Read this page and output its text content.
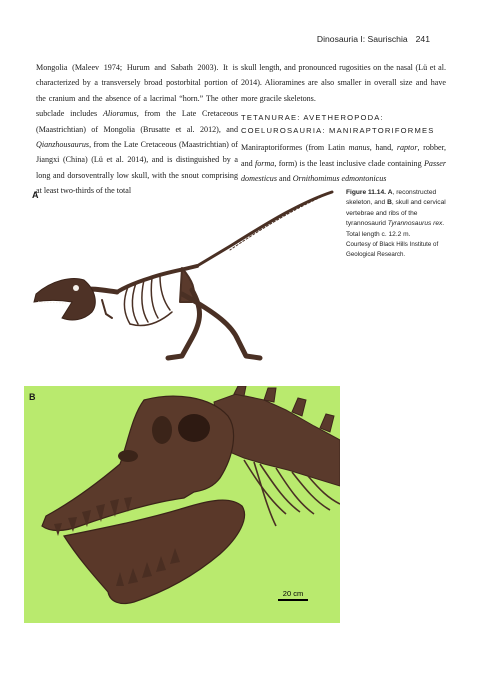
Dinosauria I: Saurischia 241

Mongolia (Maleev 1974; Hurum and Sabath 2003). It is characterized by a transversely broad postorbital portion of the cranium and the absence of a lacrimal “horn.” The other subclade includes Alioramus, from the Late Cretaceous (Maastrichtian) of Mongolia (Brusatte et al. 2012), and Qianzhousaurus, from the Late Cretaceous (Maastrichtian) of Jiangxi (China) (Lü et al. 2014), and is distinguished by a long and dorsoventrally low skull, with the snout comprising at least two-thirds of the total

skull length, and pronounced rugosities on the nasal (Lü et al. 2014). Alioramines are also smaller in overall size and have more gracile skeletons.

TETANURAE: AVETHEROPODA:
COELUROSAURIA: MANIRAPTORIFORMES

Maniraptoriformes (from Latin manus, hand, raptor, robber, and forma, form) is the least inclusive clade containing Passer domesticus and Ornithomimus edmontonicus

A	Figure 11.14. A, reconstructed skeleton, and B, skull and cervical vertebrae and ribs of the tyrannosaurid Tyrannosaurus rex. Total length c. 12.2 m.
Courtesy of Black Hills Institute of Geological Research.
B
20 cm
